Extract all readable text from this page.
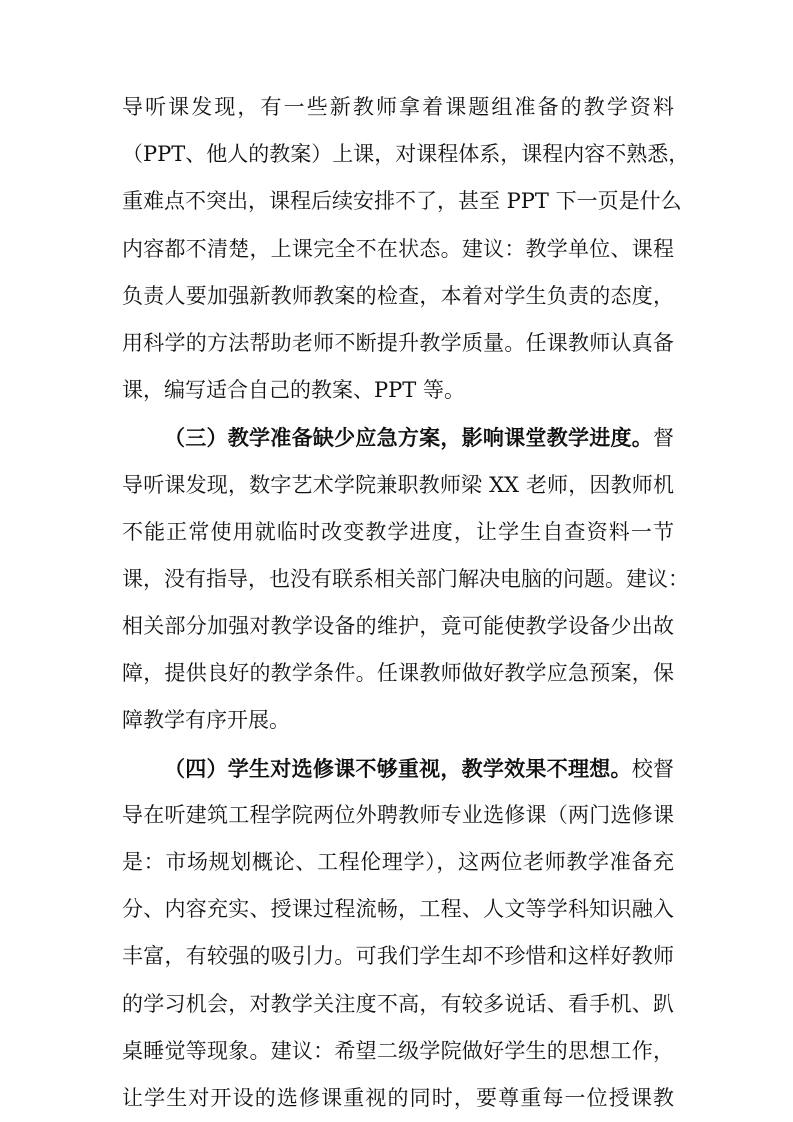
导听课发现，有一些新教师拿着课题组准备的教学资料
（PPT、他人的教案）上课，对课程体系，课程内容不熟悉，
重难点不突出，课程后续安排不了，甚至 PPT 下一页是什么
内容都不清楚，上课完全不在状态。建议：教学单位、课程
负责人要加强新教师教案的检查，本着对学生负责的态度，
用科学的方法帮助老师不断提升教学质量。任课教师认真备
课，编写适合自己的教案、PPT 等。
（三）教学准备缺少应急方案，影响课堂教学进度。督
导听课发现，数字艺术学院兼职教师梁 XX 老师，因教师机
不能正常使用就临时改变教学进度，让学生自查资料一节
课，没有指导，也没有联系相关部门解决电脑的问题。建议：
相关部分加强对教学设备的维护，竟可能使教学设备少出故
障，提供良好的教学条件。任课教师做好教学应急预案，保
障教学有序开展。
（四）学生对选修课不够重视，教学效果不理想。校督
导在听建筑工程学院两位外聘教师专业选修课（两门选修课
是：市场规划概论、工程伦理学），这两位老师教学准备充
分、内容充实、授课过程流畅，工程、人文等学科知识融入
丰富，有较强的吸引力。可我们学生却不珍惜和这样好教师
的学习机会，对教学关注度不高，有较多说话、看手机、趴
桌睡觉等现象。建议：希望二级学院做好学生的思想工作，
让学生对开设的选修课重视的同时，要尊重每一位授课教
